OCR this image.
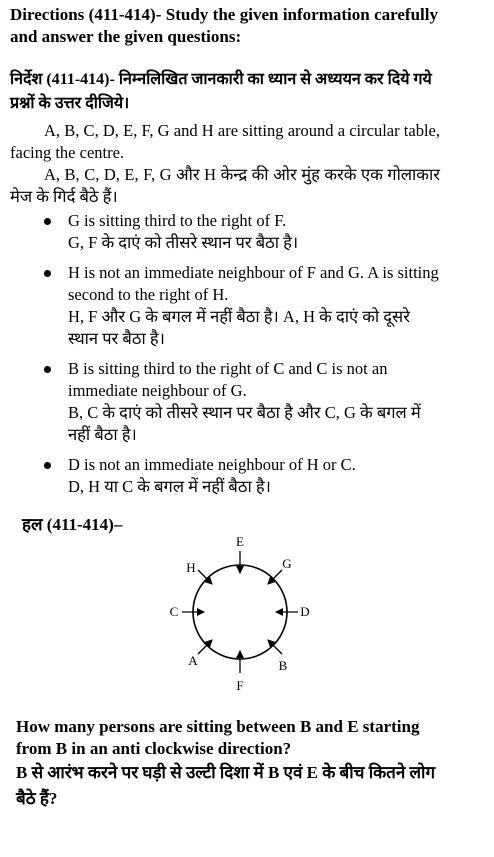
Directions (411-414)- Study the given information carefully and answer the given questions:
निर्देश (411-414)- निम्नलिखित जानकारी का ध्यान से अध्ययन कर दिये गये प्रश्नों के उत्तर दीजिये।
A, B, C, D, E, F, G and H are sitting around a circular table, facing the centre.
A, B, C, D, E, F, G और H केन्द्र की ओर मुंह करके एक गोलाकार मेज के गिर्द बैठे हैं।
G is sitting third to the right of F.
G, F के दाएं को तीसरे स्थान पर बैठा है।
H is not an immediate neighbour of F and G. A is sitting second to the right of H.
H, F और G के बगल में नहीं बैठा है। A, H के दाएं को दूसरे स्थान पर बैठा है।
B is sitting third to the right of C and C is not an immediate neighbour of G.
B, C के दाएं को तीसरे स्थान पर बैठा है और C, G के बगल में नहीं बैठा है।
D is not an immediate neighbour of H or C.
D, H या C के बगल में नहीं बैठा है।
हल (411-414)–
E
G
D
B
F
A
C
H
How many persons are sitting between B and E starting from B in an anti clockwise direction?
B से आरंभ करने पर घड़ी से उल्टी दिशा में B एवं E के बीच कितने लोग बैठे हैं?
